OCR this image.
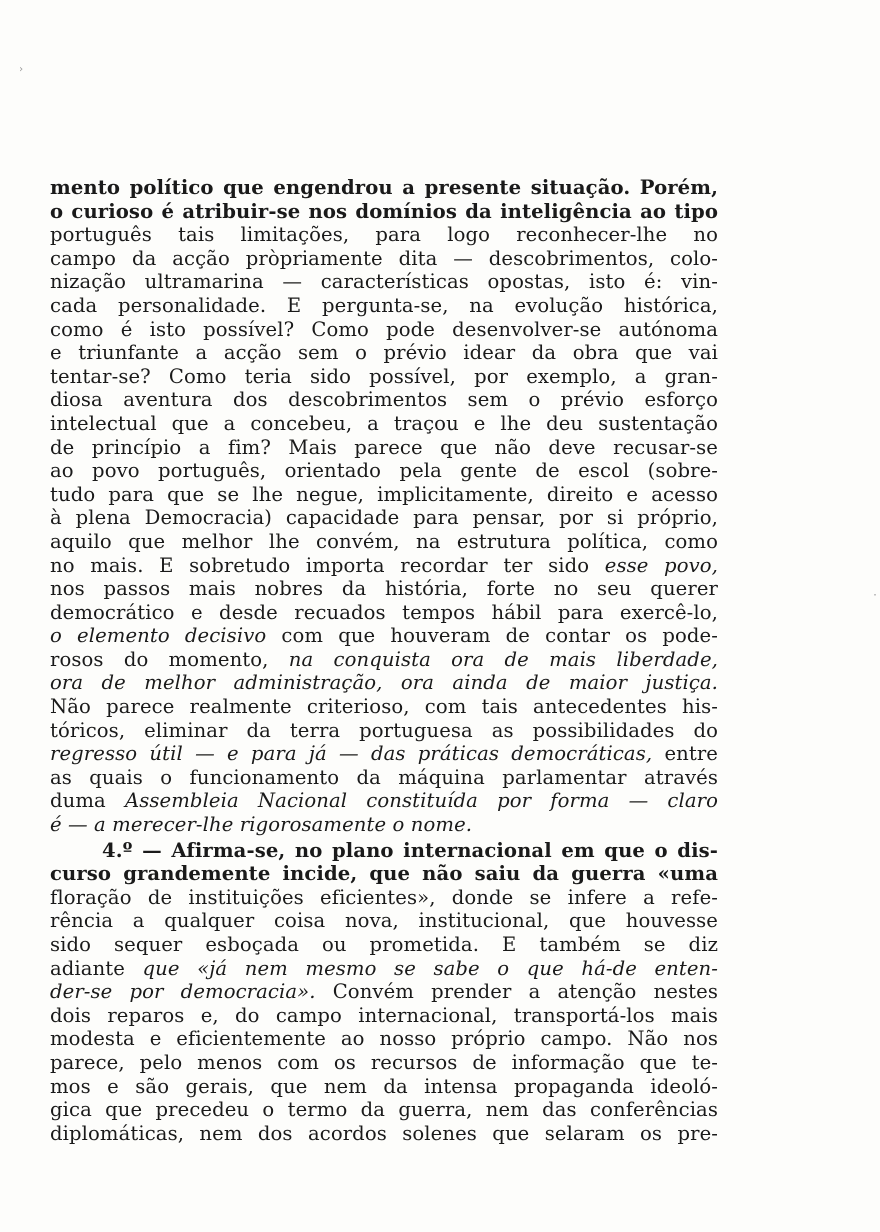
›
·
mento político que engendrou a presente situação. Porém,
o curioso é atribuir-se nos domínios da inteligência ao tipo
português tais limitações, para logo reconhecer-lhe no
campo da acção pròpriamente dita — descobrimentos, colo-
nização ultramarina — características opostas, isto é: vin-
cada personalidade. E pergunta-se, na evolução histórica,
como é isto possível? Como pode desenvolver-se autónoma
e triunfante a acção sem o prévio idear da obra que vai
tentar-se? Como teria sido possível, por exemplo, a gran-
diosa aventura dos descobrimentos sem o prévio esforço
intelectual que a concebeu, a traçou e lhe deu sustentação
de princípio a fim? Mais parece que não deve recusar-se
ao povo português, orientado pela gente de escol (sobre-
tudo para que se lhe negue, implicitamente, direito e acesso
à plena Democracia) capacidade para pensar, por si próprio,
aquilo que melhor lhe convém, na estrutura política, como
no mais. E sobretudo importa recordar ter sido esse povo,
nos passos mais nobres da história, forte no seu querer
democrático e desde recuados tempos hábil para exercê-lo,
o elemento decisivo com que houveram de contar os pode-
rosos do momento, na conquista ora de mais liberdade,
ora de melhor administração, ora ainda de maior justiça.
Não parece realmente criterioso, com tais antecedentes his-
tóricos, eliminar da terra portuguesa as possibilidades do
regresso útil — e para já — das práticas democráticas, entre
as quais o funcionamento da máquina parlamentar através
duma Assembleia Nacional constituída por forma — claro
é — a merecer-lhe rigorosamente o nome.
4.º — Afirma-se, no plano internacional em que o dis-
curso grandemente incide, que não saiu da guerra «uma
floração de instituições eficientes», donde se infere a refe-
rência a qualquer coisa nova, institucional, que houvesse
sido sequer esboçada ou prometida. E também se diz
adiante que «já nem mesmo se sabe o que há-de enten-
der-se por democracia». Convém prender a atenção nestes
dois reparos e, do campo internacional, transportá-los mais
modesta e eficientemente ao nosso próprio campo. Não nos
parece, pelo menos com os recursos de informação que te-
mos e são gerais, que nem da intensa propaganda ideoló-
gica que precedeu o termo da guerra, nem das conferências
diplomáticas, nem dos acordos solenes que selaram os pre-
